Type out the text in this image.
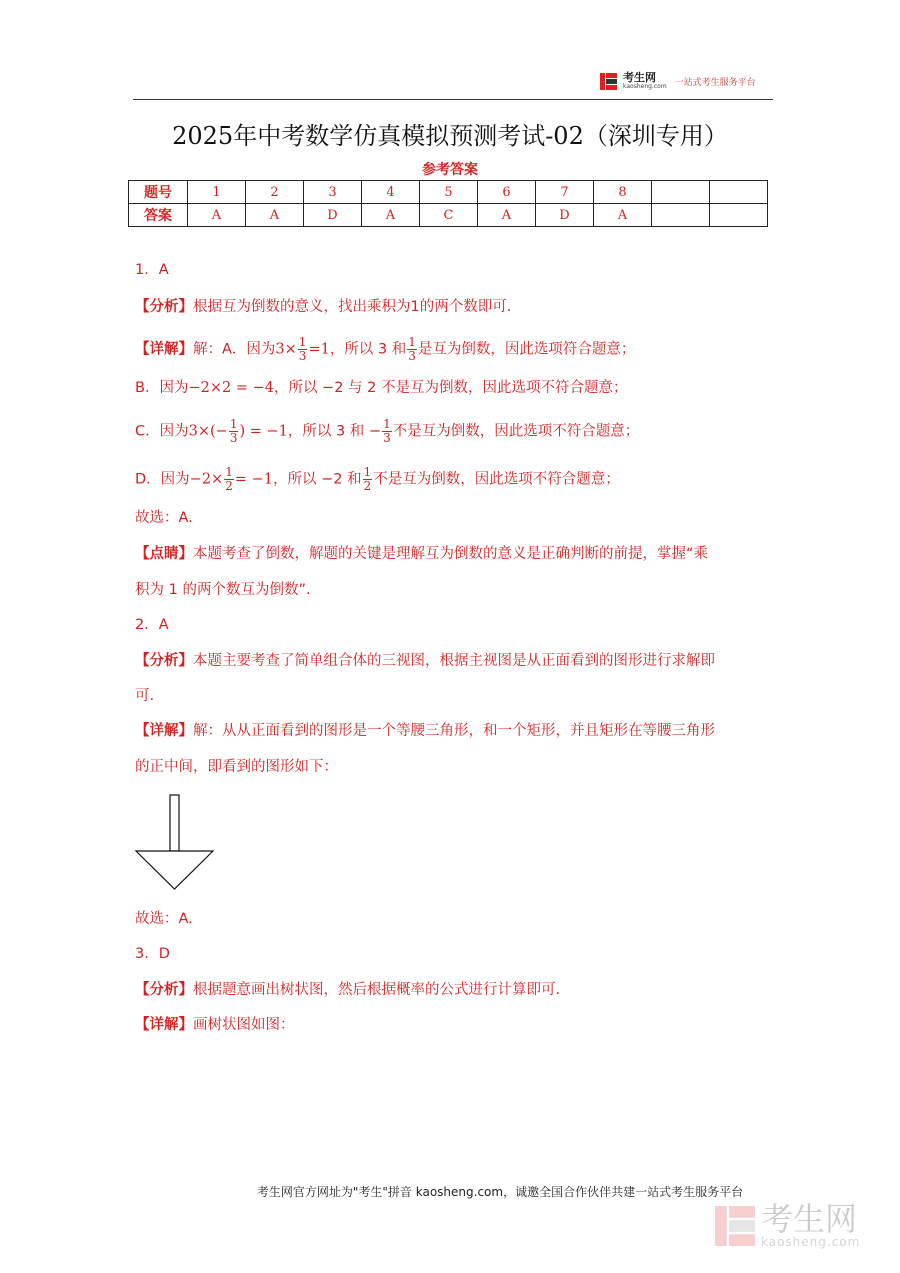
考生网
kaosheng.com 一站式考生服务平台
2025年中考数学仿真模拟预测考试-02（深圳专用）
参考答案
题号	1	2	3	4	5	6	7	8		
答案	A	A	D	A	C	A	D	A		
1．A
【分析】根据互为倒数的意义，找出乘积为1的两个数即可.
【详解】解：A．因为$3\times \frac{1}{3} =1$，所以 3 和 $\frac{1}{3}$ 是互为倒数，因此选项符合题意；
B．因为−2×2 = −4，所以 −2 与 2 不是互为倒数，因此选项不符合题意；
C．因为$3\times(- \frac{1}{3}$ ) = −1，所以 3 和 − $\frac{1}{3}$ 不是互为倒数，因此选项不符合题意；
D．因为$-2\times \frac{1}{2} = -1$，所以 −2 和 $\frac{1}{2}$ 不是互为倒数，因此选项不符合题意；
故选：A.
【点睛】本题考查了倒数，解题的关键是理解互为倒数的意义是正确判断的前提，掌握“乘
积为 1 的两个数互为倒数”.
2．A
【分析】本题主要考查了简单组合体的三视图，根据主视图是从正面看到的图形进行求解即
可.
【详解】解：从从正面看到的图形是一个等腰三角形，和一个矩形，并且矩形在等腰三角形
的正中间，即看到的图形如下：
故选：A.
3．D
【分析】根据题意画出树状图，然后根据概率的公式进行计算即可.
【详解】画树状图如图：
考生网官方网址为"考生"拼音 kaosheng.com，诚邀全国合作伙伴共建一站式考生服务平台
考生网
kaosheng.com
